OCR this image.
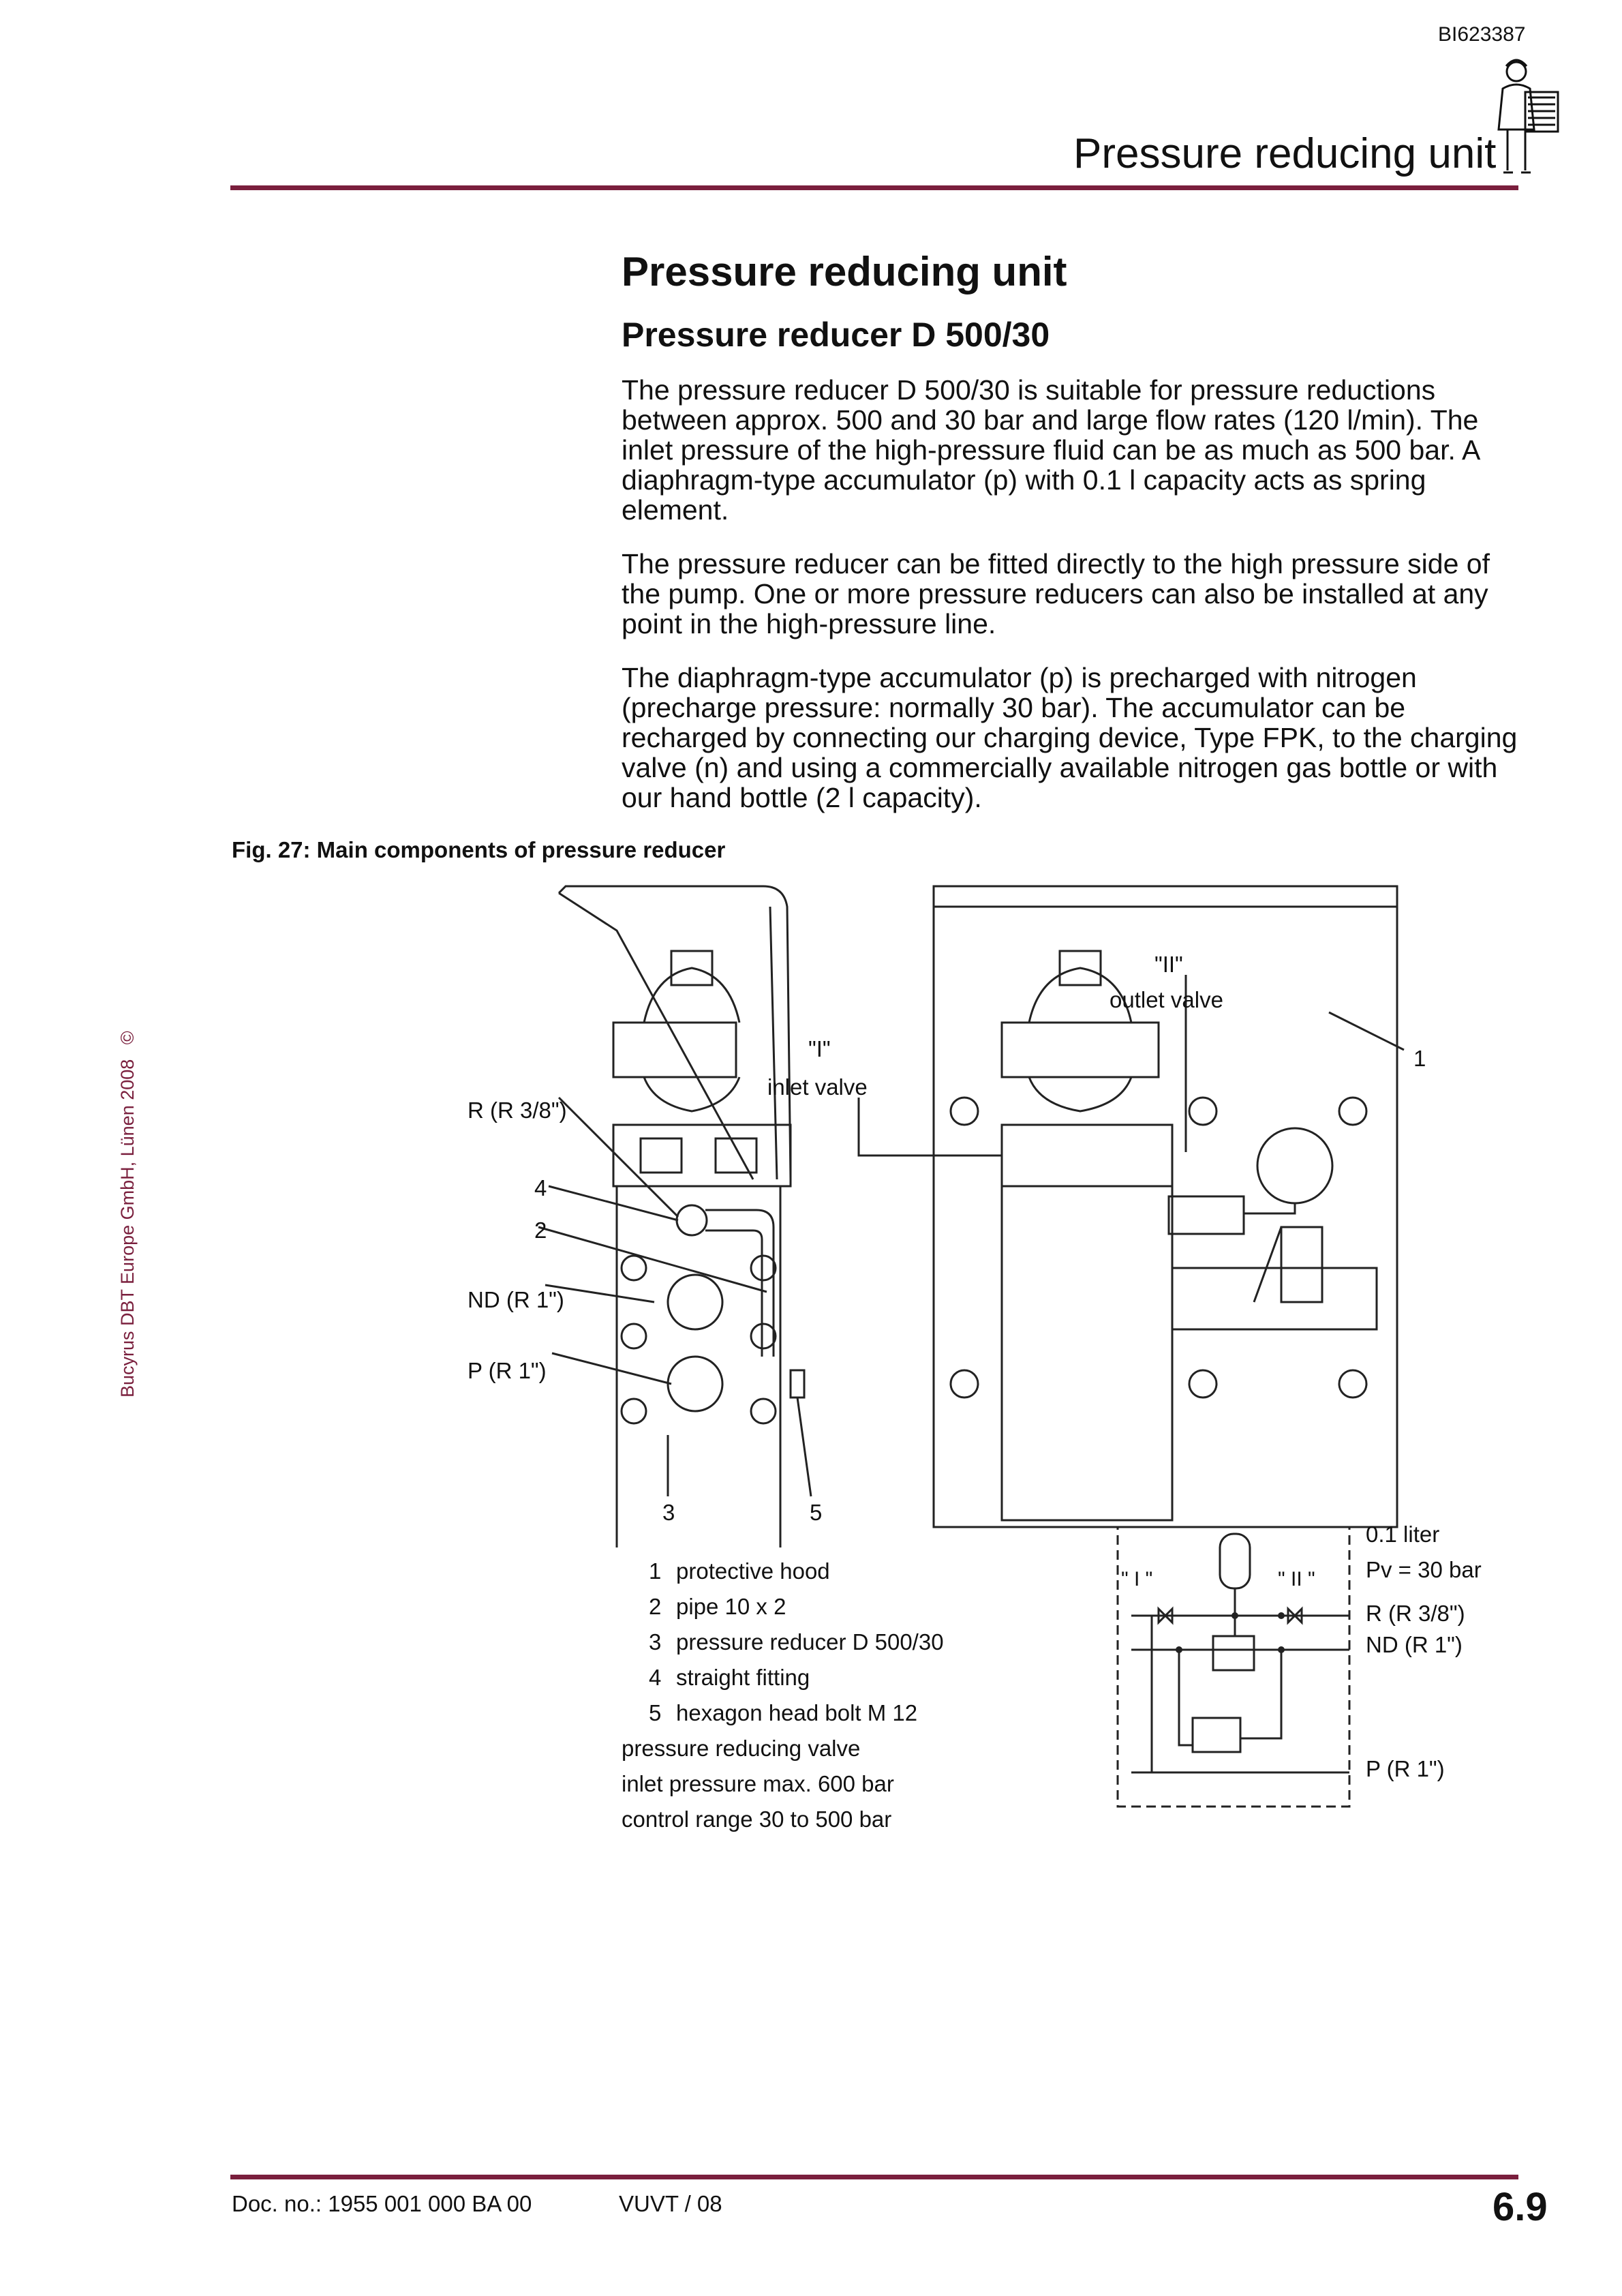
BI623387
Pressure reducing unit
Pressure reducing unit
Pressure reducer D 500/30
The pressure reducer D 500/30 is suitable for pressure reductions between approx. 500 and 30 bar and large flow rates (120 l/min). The inlet pressure of the high-pressure fluid can be as much as 500 bar. A diaphragm-type accumulator (p) with 0.1 l capacity acts as spring element.
The pressure reducer can be fitted directly to the high pressure side of the pump. One or more pressure reducers can also be installed at any point in the high-pressure line.
The diaphragm-type accumulator (p) is precharged with nitrogen (precharge pressure: normally 30 bar). The accumulator can be recharged by connecting our charging device, Type FPK, to the charging valve (n) and using a commercially available nitrogen gas bottle or with our hand bottle (2 l capacity).
Fig. 27: Main components of pressure reducer
Bucyrus DBT Europe GmbH, Lünen 2008 ©
R (R 3/8")
4
2
ND (R 1")
P (R 1")
3	5
"I"
inlet valve
"II"
outlet valve
1
1 protective hood
2 pipe 10 x 2
3 pressure reducer D 500/30
4 straight fitting
5 hexagon head bolt M 12
pressure reducing valve
inlet pressure max. 600 bar
control range 30 to 500 bar
" I "	" II "
0.1 liter
Pv = 30 bar
R (R 3/8")
ND (R 1")
P (R 1")
Doc. no.: 1955 001 000 BA 00	VUVT / 08	6.9
